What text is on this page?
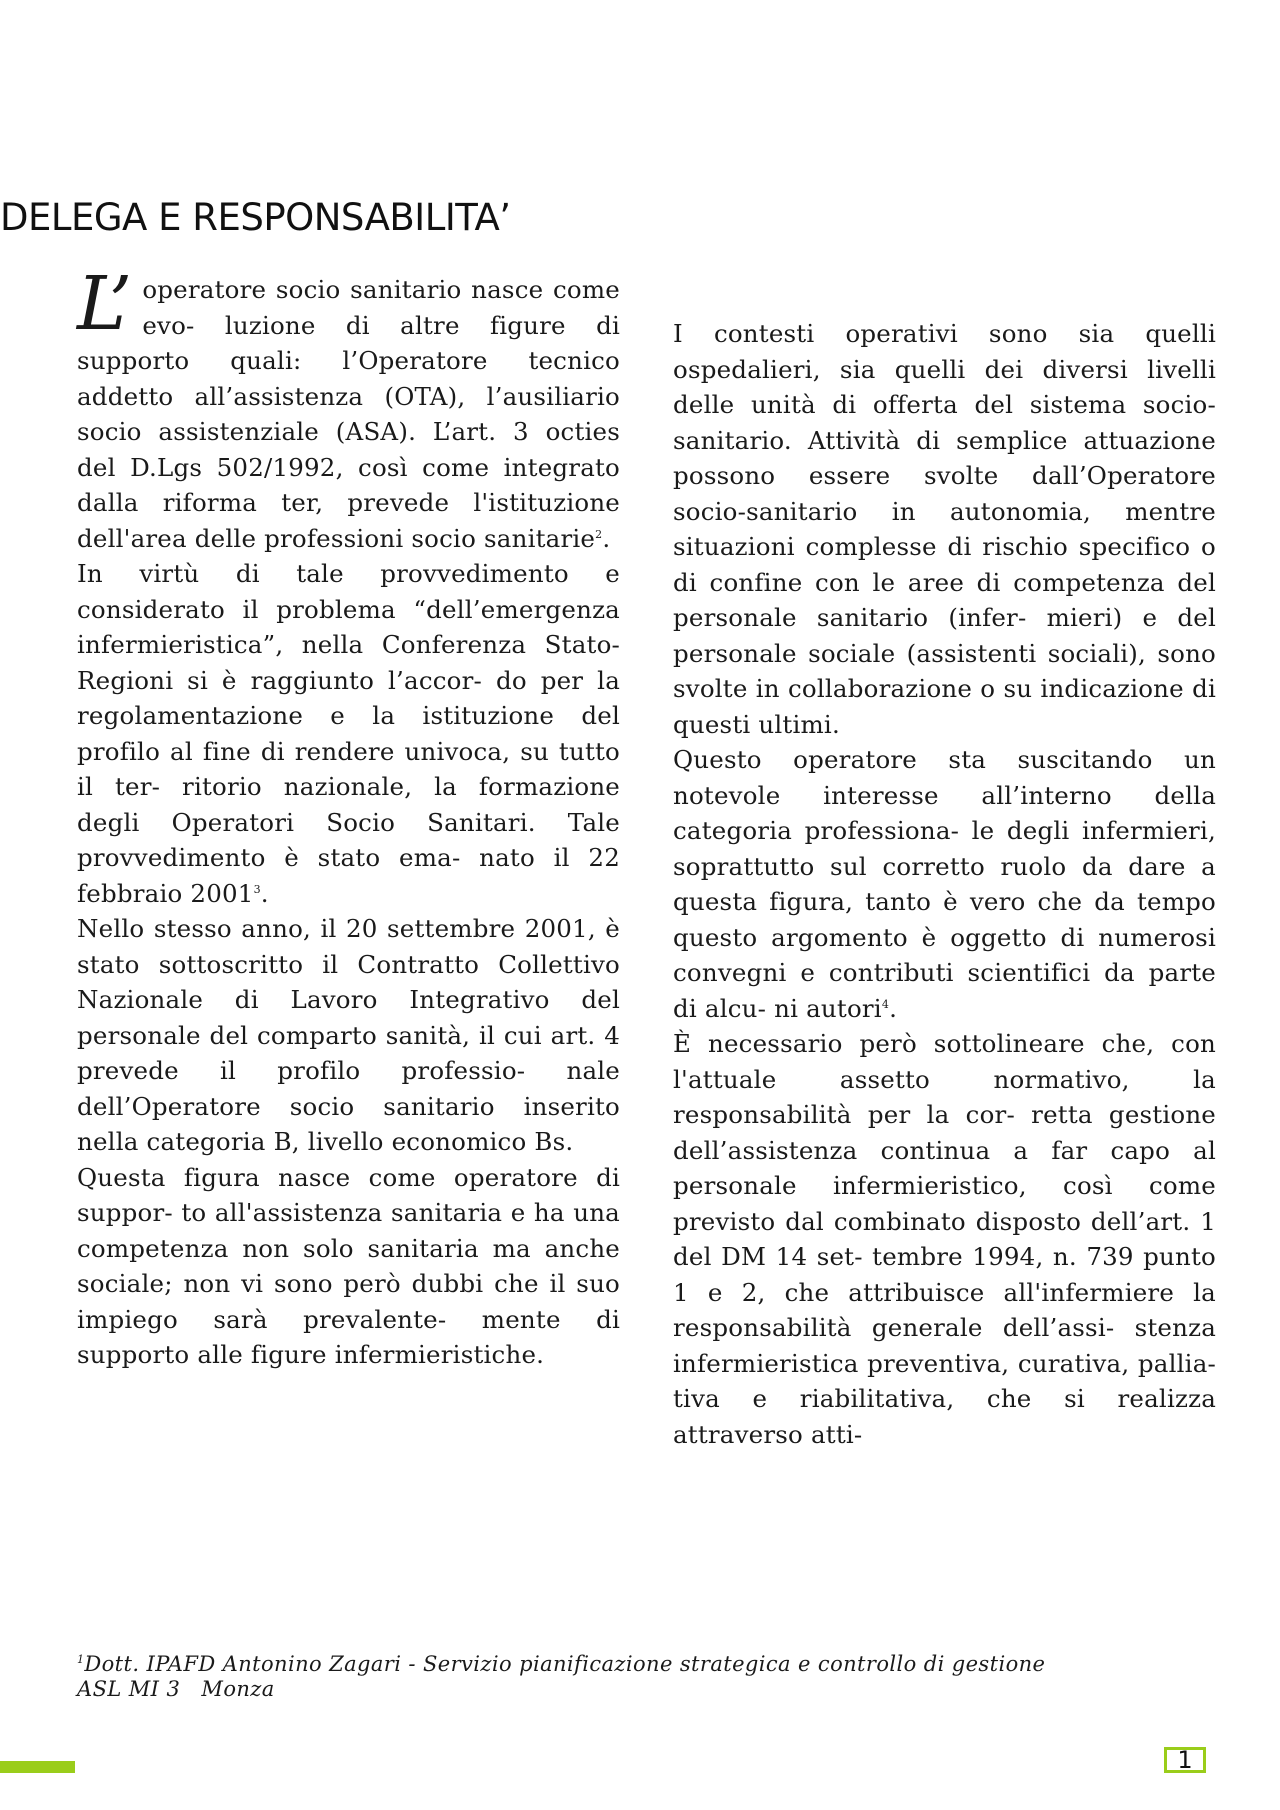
DELEGA E RESPONSABILITA’

L’ operatore socio sanitario nasce come evo- luzione di altre figure di supporto quali: l’Operatore tecnico addetto all’assistenza (OTA), l’ausiliario socio assistenziale (ASA). L’art. 3 octies del D.Lgs 502/1992, così come integrato dalla riforma ter, prevede l'istituzione dell'area delle professioni socio sanitarie$^2$.

In virtù di tale provvedimento e considerato il problema “dell’emergenza infermieristica”, nella Conferenza Stato-Regioni si è raggiunto l’accor- do per la regolamentazione e la istituzione del profilo al fine di rendere univoca, su tutto il ter- ritorio nazionale, la formazione degli Operatori Socio Sanitari. Tale provvedimento è stato ema- nato il 22 febbraio 2001$^3$.

Nello stesso anno, il 20 settembre 2001, è stato sottoscritto il Contratto Collettivo Nazionale di Lavoro Integrativo del personale del comparto sanità, il cui art. 4 prevede il profilo professio- nale dell’Operatore socio sanitario inserito nella categoria B, livello economico Bs.

Questa figura nasce come operatore di suppor- to all'assistenza sanitaria e ha una competenza non solo sanitaria ma anche sociale; non vi sono però dubbi che il suo impiego sarà prevalente- mente di supporto alle figure infermieristiche.

I contesti operativi sono sia quelli ospedalieri, sia quelli dei diversi livelli delle unità di offerta del sistema socio-sanitario. Attività di semplice attuazione possono essere svolte dall’Operatore socio-sanitario in autonomia, mentre situazioni complesse di rischio specifico o di confine con le aree di competenza del personale sanitario (infer- mieri) e del personale sociale (assistenti sociali), sono svolte in collaborazione o su indicazione di questi ultimi.

Questo operatore sta suscitando un notevole interesse all’interno della categoria professiona- le degli infermieri, soprattutto sul corretto ruolo da dare a questa figura, tanto è vero che da tempo questo argomento è oggetto di numerosi convegni e contributi scientifici da parte di alcu- ni autori$^4$.

È necessario però sottolineare che, con l'attuale assetto normativo, la responsabilità per la cor- retta gestione dell’assistenza continua a far capo al personale infermieristico, così come previsto dal combinato disposto dell’art. 1 del DM 14 set- tembre 1994, n. 739 punto 1 e 2, che attribuisce all'infermiere la responsabilità generale dell’assi- stenza infermieristica preventiva, curativa, pallia- tiva e riabilitativa, che si realizza attraverso atti-

$^1$Dott. IPAFD Antonino Zagari - Servizio pianificazione strategica e controllo di gestione
ASL MI 3   Monza
1
